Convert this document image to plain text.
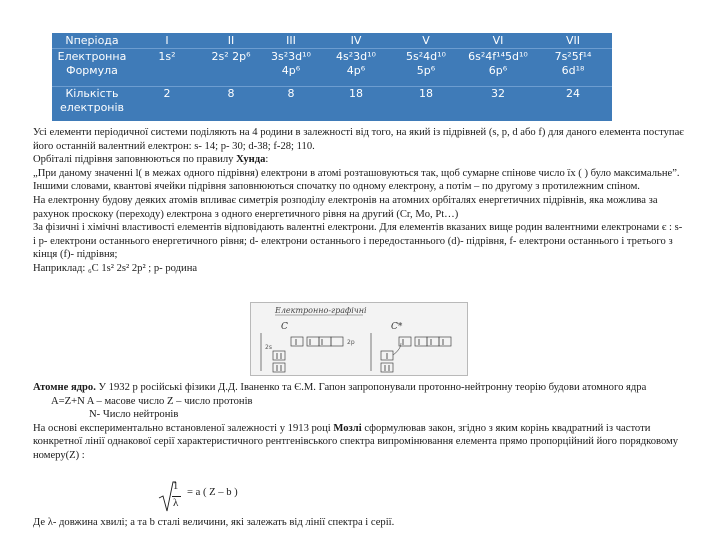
Nперіода
Електронна
Формула
Кількість
електронів
I
1s²
2
II
2s² 2p⁶
8
III
3s²3d¹⁰
4p⁶
8
IV
4s²3d¹⁰
4p⁶
18
V
5s²4d¹⁰
5p⁶
18
VI
6s²4f¹⁴5d¹⁰
6p⁶
32
VII
7s²5f¹⁴
6d¹⁸
24

Усі елементи періодичної системи поділяють на 4 родини в залежності від того, на який із підрівней (s, p, d або f) для даного елемента поступає його останній валентний електрон: s- 14; p- 30; d-38; f-28; 110.

Орбіталі підрівня заповнюються по правилу Хунда:

„При даному значенні l( в межах одного підрівня) електрони в атомі розташовуються так, щоб сумарне спінове число їх ( ) було максимальне”.

Іншими словами, квантові ячейки підрівня заповнюються спочатку по одному електрону, а потім – по другому з протилежним спіном.

На електронну будову деяких атомів впливає симетрія розподілу електронів на атомних орбіталях енергетичних підрівнів, яка можлива за рахунок проскоку (переходу) електрона з одного енергетичного рівня на другий (Cr, Mo, Pt…)

За фізичні і хімічні властивості елементів відповідають валентні електрони. Для елементів вказаних вище родин валентними електронами є : s- і p- електрони останнього енергетичного рівня; d- електрони останнього і передостаннього (d)- підрівня, f- електрони останнього і третього з кінця (f)- підрівня;

Наприклад: ₆C 1s² 2s² 2p² ; p- родина

Електронно-графічні
C	C*
2s
2p

Атомне ядро. У 1932 р російські фізики Д.Д. Іваненко та Є.М. Гапон запропонували протонно-нейтронну теорію будови атомного ядра

A=Z+N A – масове число Z – число протонів

N- Число нейтронів

На основі експериментально встановленої залежності у 1913 році Мозлі сформулював закон, згідно з яким корінь квадратний із частоти конкретної лінії однакової серії характеристичного рентгенівського спектра випромінювання елемента прямо пропорційний його порядковому номеру(Z) :

1
λ
= a ( Z – b )

Де λ- довжина хвилі; а та b сталі величини, які залежать від лінії спектра і серії.
